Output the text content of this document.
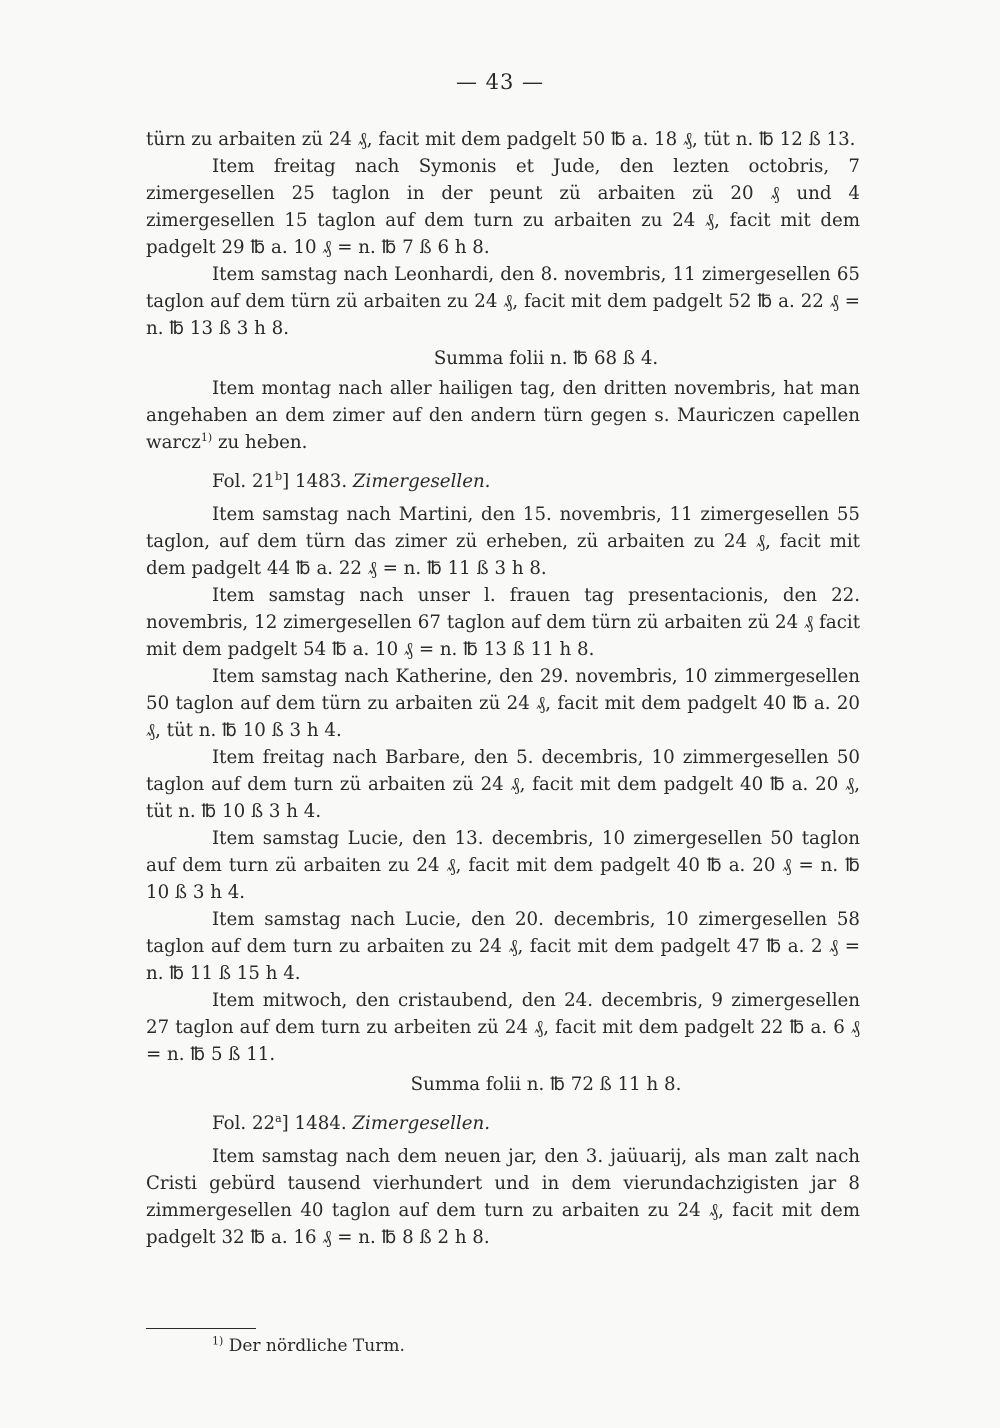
— 43 —

türn zu arbaiten zü 24 ₰, facit mit dem padgelt 50 ℔ a. 18 ₰, tüt n. ℔ 12 ß 13.

Item freitag nach Symonis et Jude, den lezten octobris, 7 zimergesellen 25 taglon in der peunt zü arbaiten zü 20 ₰ und 4 zimergesellen 15 taglon auf dem turn zu arbaiten zu 24 ₰, facit mit dem padgelt 29 ℔ a. 10 ₰ = n. ℔ 7 ß 6 h 8.

Item samstag nach Leonhardi, den 8. novembris, 11 zimergesellen 65 taglon auf dem türn zü arbaiten zu 24 ₰, facit mit dem padgelt 52 ℔ a. 22 ₰ = n. ℔ 13 ß 3 h 8.

Summa folii n. ℔ 68 ß 4.

Item montag nach aller hailigen tag, den dritten novembris, hat man angehaben an dem zimer auf den andern türn gegen s. Mauriczen capellen warcz$^{1)}$ zu heben.

Fol. 21$^b$] 1483. Zimergesellen.

Item samstag nach Martini, den 15. novembris, 11 zimergesellen 55 taglon, auf dem türn das zimer zü erheben, zü arbaiten zu 24 ₰, facit mit dem padgelt 44 ℔ a. 22 ₰ = n. ℔ 11 ß 3 h 8.

Item samstag nach unser l. frauen tag presentacionis, den 22. novembris, 12 zimergesellen 67 taglon auf dem türn zü arbaiten zü 24 ₰ facit mit dem padgelt 54 ℔ a. 10 ₰ = n. ℔ 13 ß 11 h 8.

Item samstag nach Katherine, den 29. novembris, 10 zimmergesellen 50 taglon auf dem türn zu arbaiten zü 24 ₰, facit mit dem padgelt 40 ℔ a. 20 ₰, tüt n. ℔ 10 ß 3 h 4.

Item freitag nach Barbare, den 5. decembris, 10 zimmergesellen 50 taglon auf dem turn zü arbaiten zü 24 ₰, facit mit dem padgelt 40 ℔ a. 20 ₰, tüt n. ℔ 10 ß 3 h 4.

Item samstag Lucie, den 13. decembris, 10 zimergesellen 50 taglon auf dem turn zü arbaiten zu 24 ₰, facit mit dem padgelt 40 ℔ a. 20 ₰ = n. ℔ 10 ß 3 h 4.

Item samstag nach Lucie, den 20. decembris, 10 zimergesellen 58 taglon auf dem turn zu arbaiten zu 24 ₰, facit mit dem padgelt 47 ℔ a. 2 ₰ = n. ℔ 11 ß 15 h 4.

Item mitwoch, den cristaubend, den 24. decembris, 9 zimergesellen 27 taglon auf dem turn zu arbeiten zü 24 ₰, facit mit dem padgelt 22 ℔ a. 6 ₰ = n. ℔ 5 ß 11.

Summa folii n. ℔ 72 ß 11 h 8.

Fol. 22$^a$] 1484. Zimergesellen.

Item samstag nach dem neuen jar, den 3. jaüuarij, als man zalt nach Cristi gebürd tausend vierhundert und in dem vierundachzigisten jar 8 zimmergesellen 40 taglon auf dem turn zu arbaiten zu 24 ₰, facit mit dem padgelt 32 ℔ a. 16 ₰ = n. ℔ 8 ß 2 h 8.

$^{1)}$ Der nördliche Turm.
